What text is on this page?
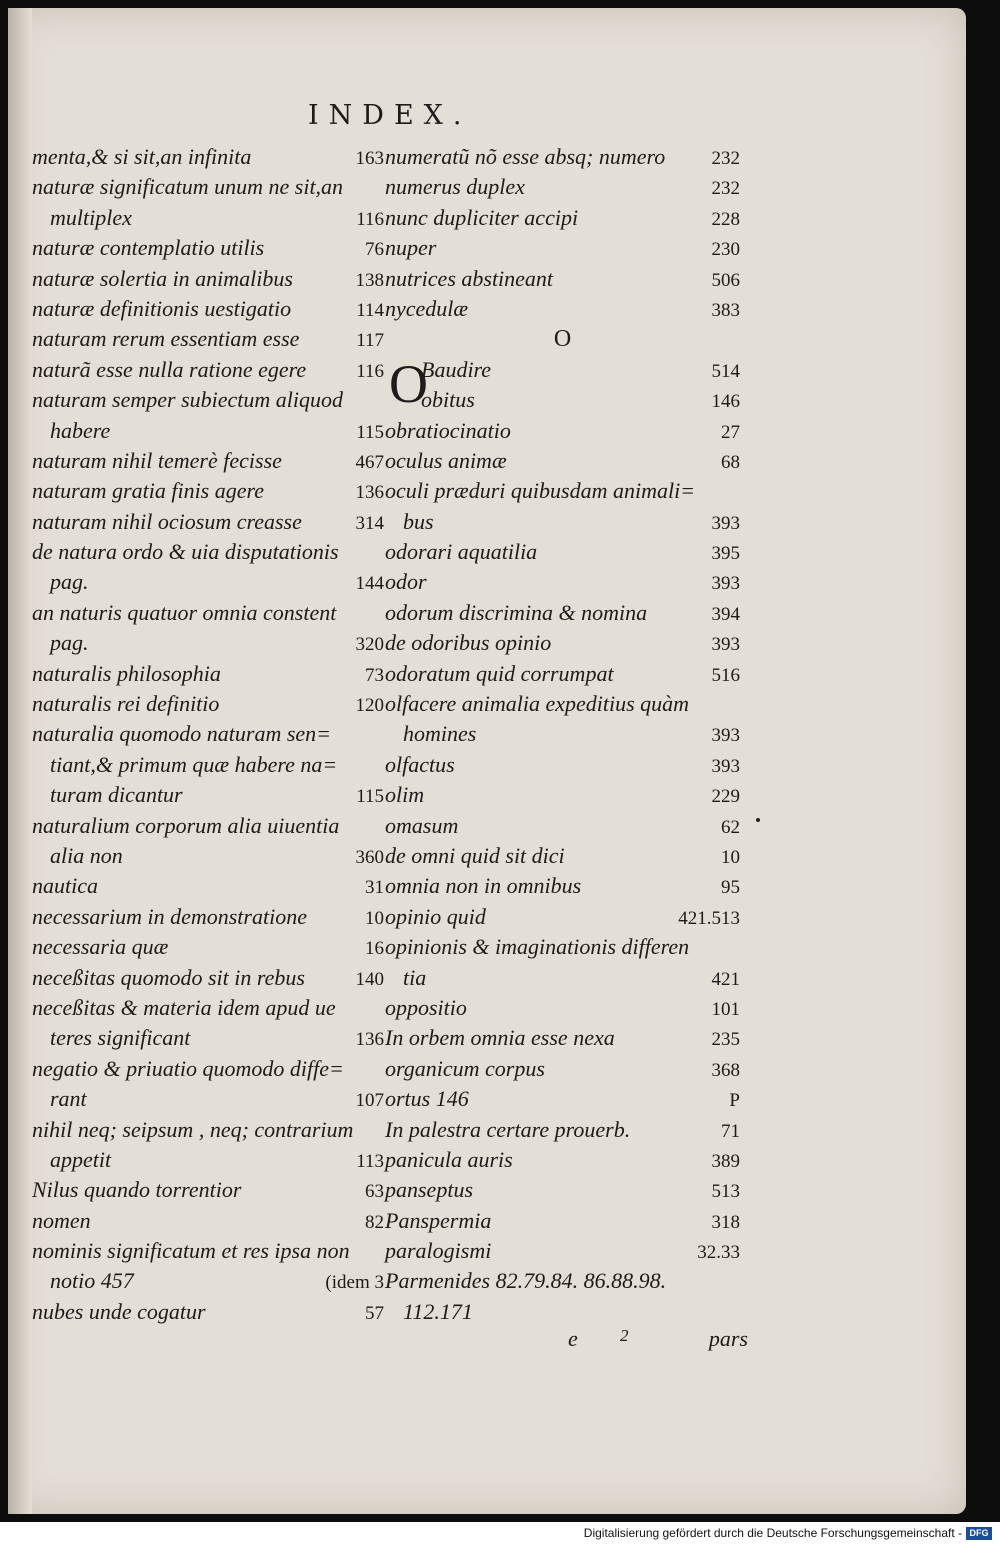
INDEX.
menta,& si sit,an infinita	163
naturæ significatum unum ne sit,an
multiplex	116
naturæ contemplatio utilis	76
naturæ solertia in animalibus	138
naturæ definitionis uestigatio	114
naturam rerum essentiam esse	117
naturã esse nulla ratione egere	116
naturam semper subiectum aliquod
habere	115
naturam nihil temerè fecisse	467
naturam gratia finis agere	136
naturam nihil ociosum creasse	314
de natura ordo & uia disputationis
pag.	144
an naturis quatuor omnia constent
pag.	320
naturalis philosophia	73
naturalis rei definitio	120
naturalia quomodo naturam sen=
tiant,& primum quæ habere na=
turam dicantur	115
naturalium corporum alia uiuentia
alia non	360
nautica	31
necessarium in demonstratione	10
necessaria quæ	16
neceßitas quomodo sit in rebus	140
neceßitas & materia idem apud ue
teres significant	136
negatio & priuatio quomodo diffe=
rant	107
nihil neq; seipsum , neq; contrarium
appetit	113
Nilus quando torrentior	63
nomen	82
nominis significatum et res ipsa non
notio 457	(idem 3
nubes unde cogatur	57
numeratũ nõ esse absq; numero	232
numerus duplex	232
nunc dupliciter accipi	228
nuper	230
nutrices abstineant	506
nycedulæ	383
O
Baudire	514
obitus	146
obratiocinatio	27
oculus animæ	68
oculi præduri quibusdam animali=
bus	393
odorari aquatilia	395
odor	393
odorum discrimina & nomina	394
de odoribus opinio	393
odoratum quid corrumpat	516
olfacere animalia expeditius quàm
homines	393
olfactus	393
olim	229
omasum	62
de omni quid sit dici	10
omnia non in omnibus	95
opinio quid	421.513
opinionis & imaginationis differen
tia	421
oppositio	101
In orbem omnia esse nexa	235
organicum corpus	368
ortus 146	P
In palestra certare prouerb.	71
panicula auris	389
panseptus	513
Panspermia	318
paralogismi	32.33
Parmenides 82.79.84. 86.88.98.
112.171
O
e 2	pars
Digitalisierung gefördert durch die Deutsche Forschungsgemeinschaft - DFG
